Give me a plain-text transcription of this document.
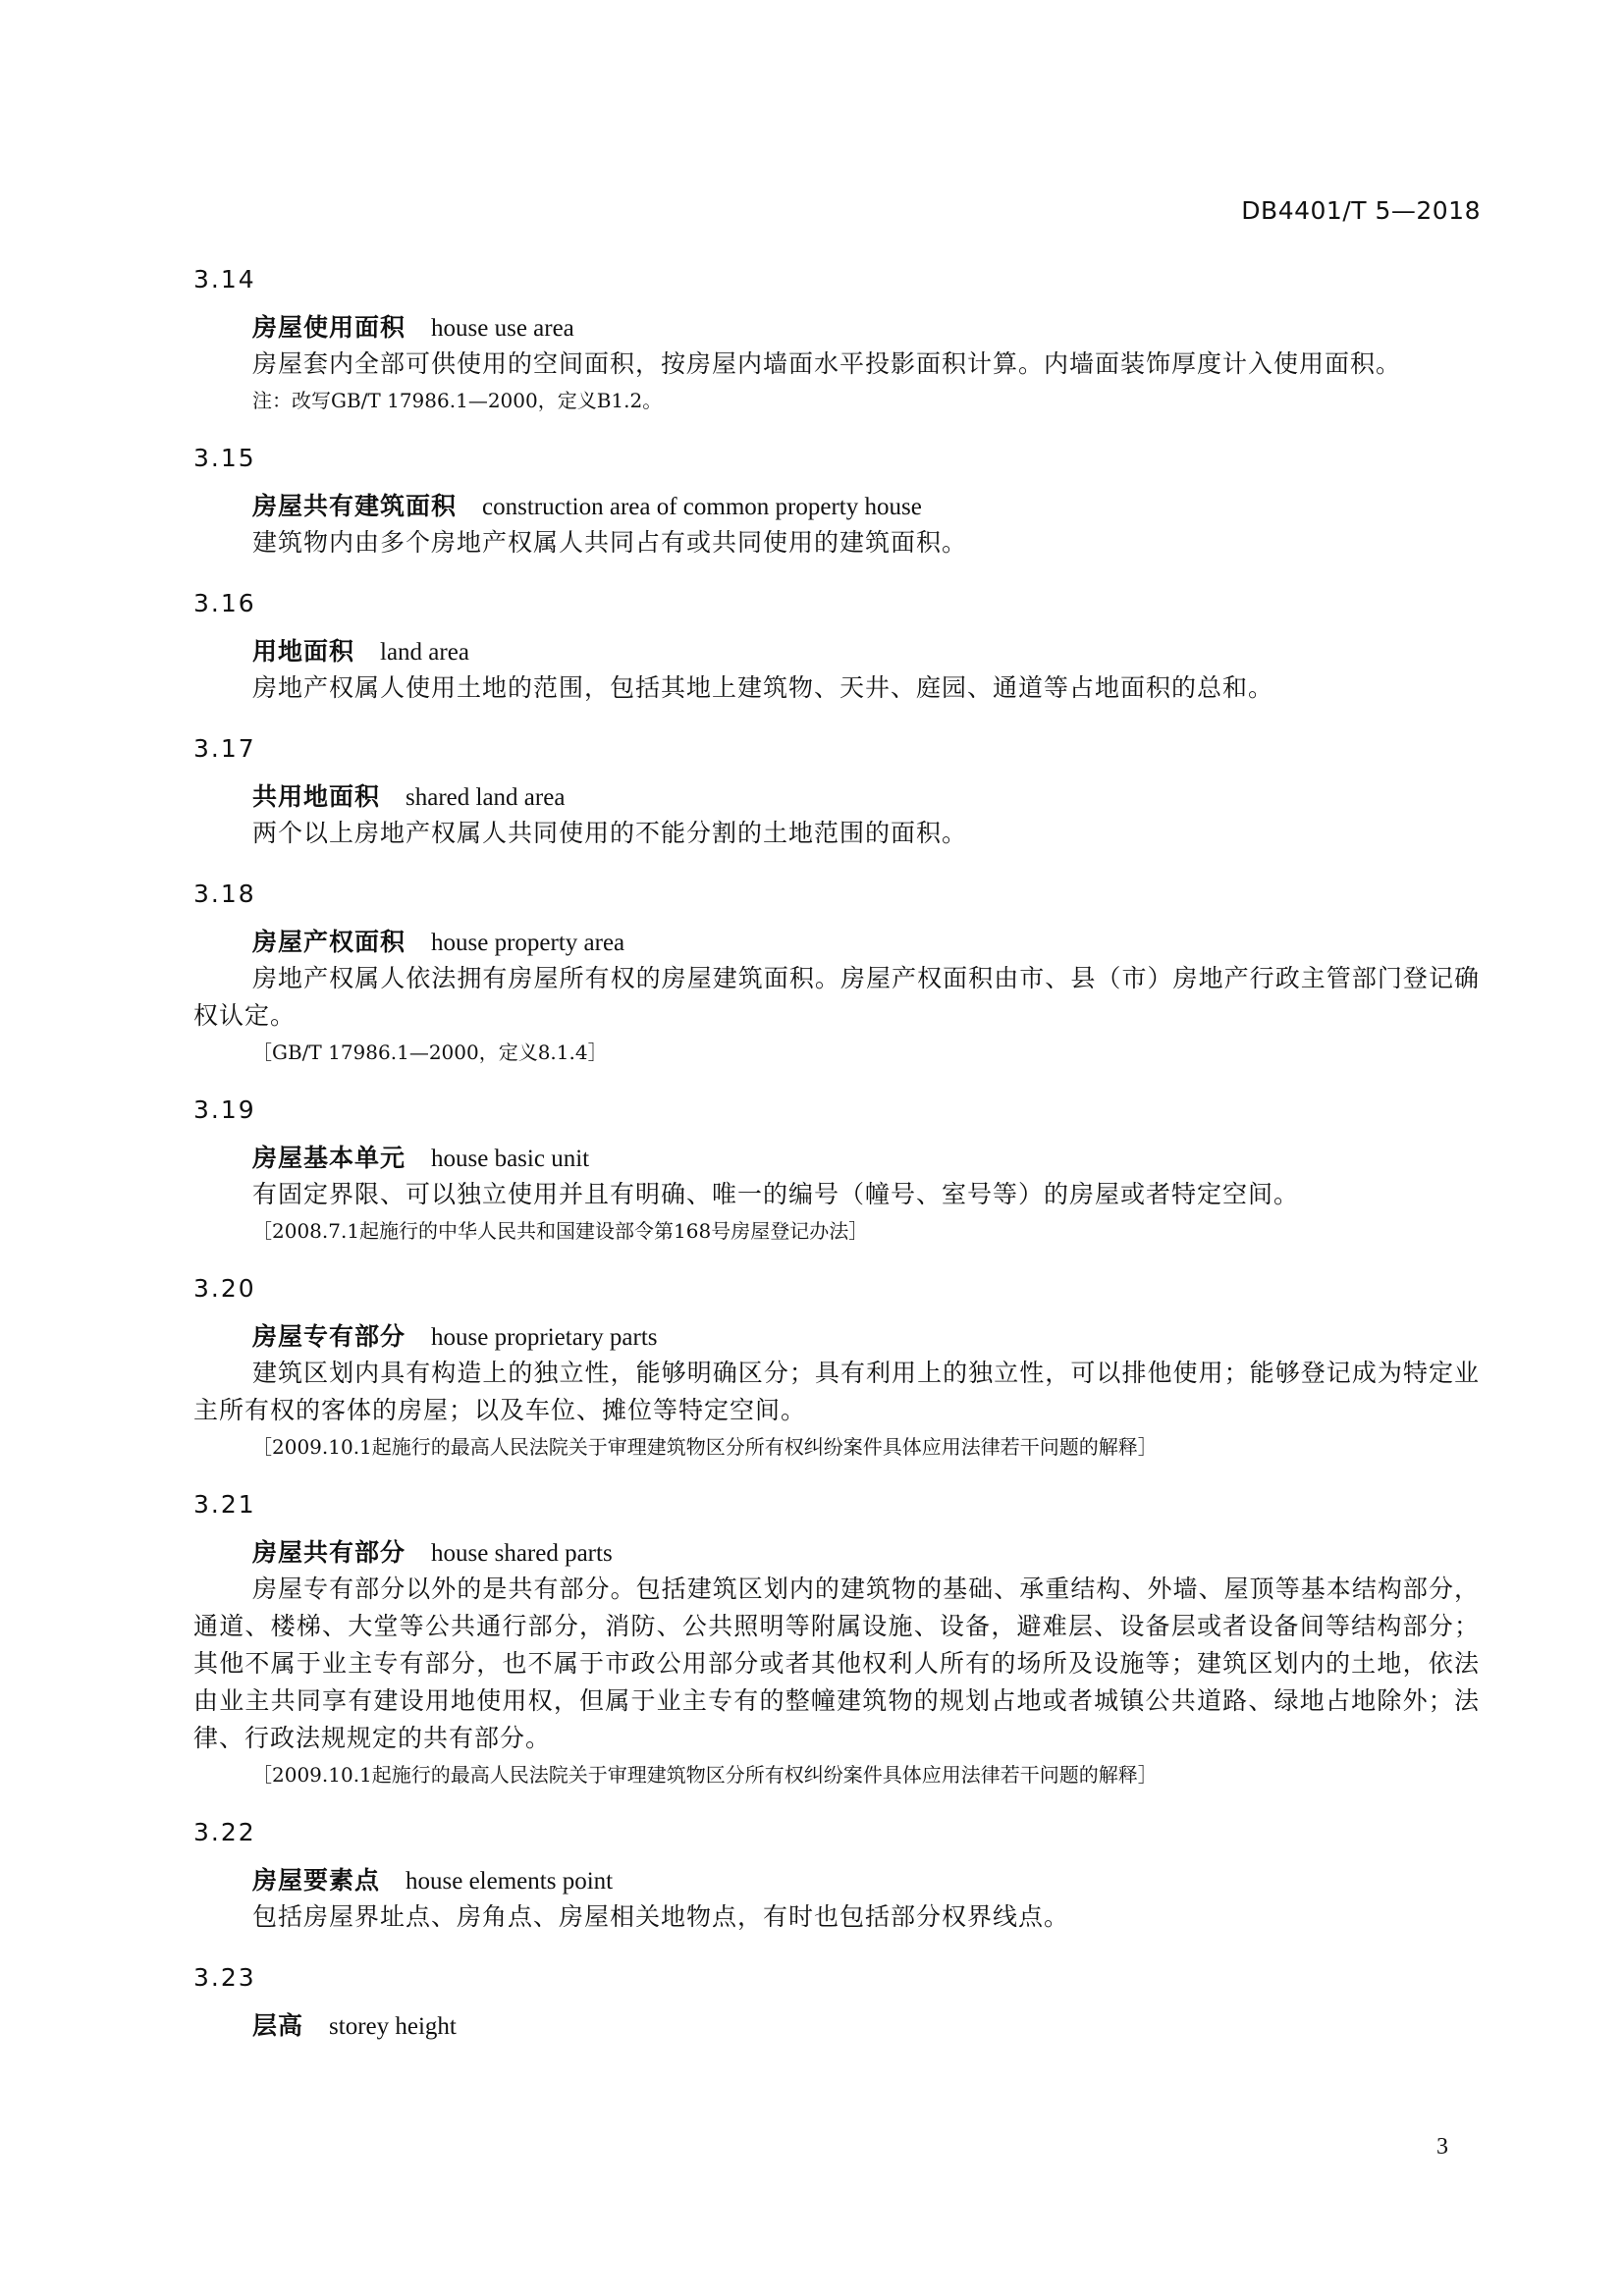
DB4401/T 5—2018
3.14
房屋使用面积 house use area
房屋套内全部可供使用的空间面积，按房屋内墙面水平投影面积计算。内墙面装饰厚度计入使用面积。
注：改写GB/T 17986.1—2000，定义B1.2。
3.15
房屋共有建筑面积 construction area of common property house
建筑物内由多个房地产权属人共同占有或共同使用的建筑面积。
3.16
用地面积 land area
房地产权属人使用土地的范围，包括其地上建筑物、天井、庭园、通道等占地面积的总和。
3.17
共用地面积 shared land area
两个以上房地产权属人共同使用的不能分割的土地范围的面积。
3.18
房屋产权面积 house property area
房地产权属人依法拥有房屋所有权的房屋建筑面积。房屋产权面积由市、县（市）房地产行政主管部门登记确权认定。
［GB/T 17986.1—2000，定义8.1.4］
3.19
房屋基本单元 house basic unit
有固定界限、可以独立使用并且有明确、唯一的编号（幢号、室号等）的房屋或者特定空间。
［2008.7.1起施行的中华人民共和国建设部令第168号房屋登记办法］
3.20
房屋专有部分 house proprietary parts
建筑区划内具有构造上的独立性，能够明确区分；具有利用上的独立性，可以排他使用；能够登记成为特定业主所有权的客体的房屋；以及车位、摊位等特定空间。
［2009.10.1起施行的最高人民法院关于审理建筑物区分所有权纠纷案件具体应用法律若干问题的解释］
3.21
房屋共有部分 house shared parts
房屋专有部分以外的是共有部分。包括建筑区划内的建筑物的基础、承重结构、外墙、屋顶等基本结构部分，通道、楼梯、大堂等公共通行部分，消防、公共照明等附属设施、设备，避难层、设备层或者设备间等结构部分；其他不属于业主专有部分，也不属于市政公用部分或者其他权利人所有的场所及设施等；建筑区划内的土地，依法由业主共同享有建设用地使用权，但属于业主专有的整幢建筑物的规划占地或者城镇公共道路、绿地占地除外；法律、行政法规规定的共有部分。
［2009.10.1起施行的最高人民法院关于审理建筑物区分所有权纠纷案件具体应用法律若干问题的解释］
3.22
房屋要素点 house elements point
包括房屋界址点、房角点、房屋相关地物点，有时也包括部分权界线点。
3.23
层高 storey height
3
